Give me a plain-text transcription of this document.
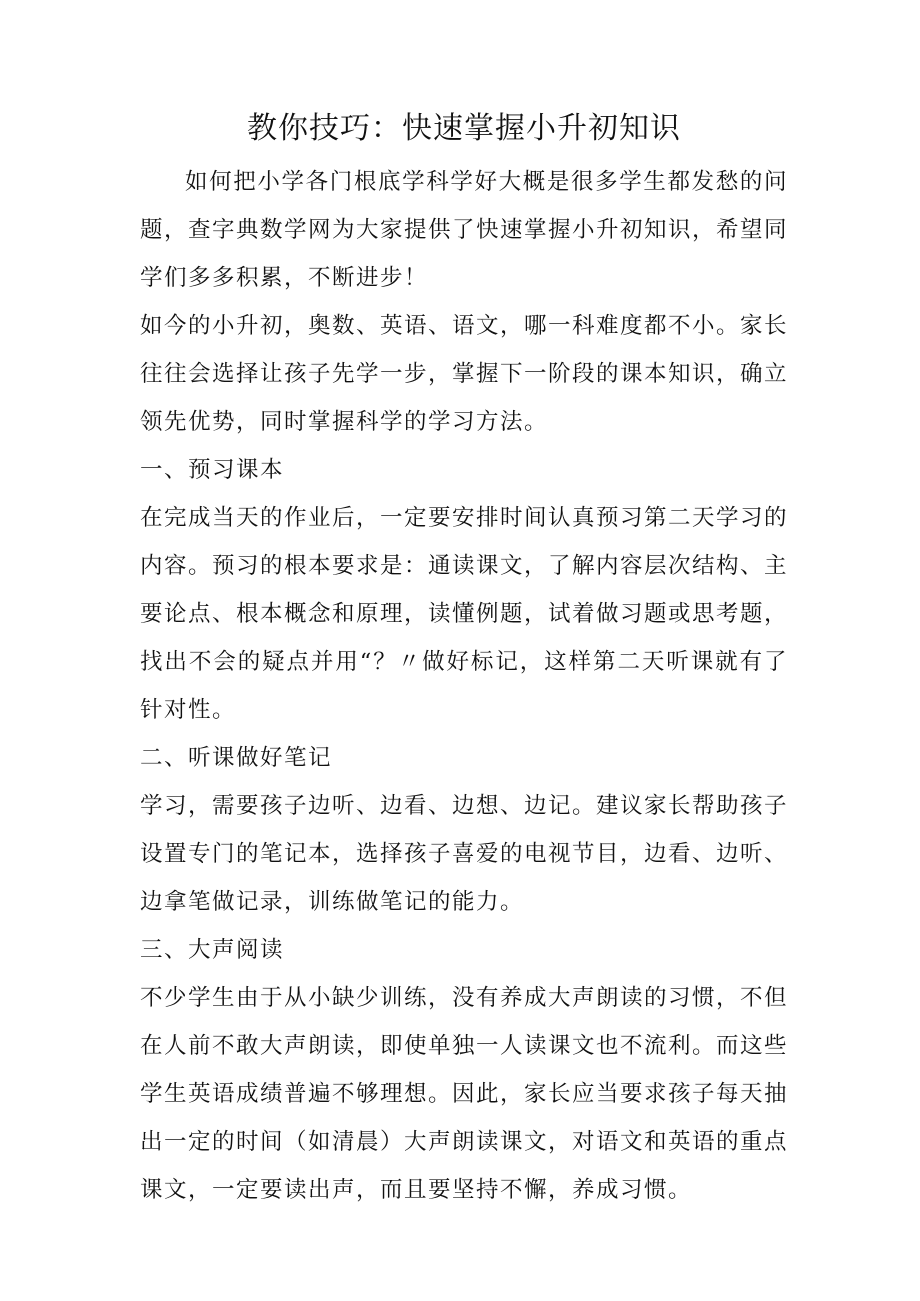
教你技巧：快速掌握小升初知识

如何把小学各门根底学科学好大概是很多学生都发愁的问题，查字典数学网为大家提供了快速掌握小升初知识，希望同学们多多积累，不断进步！

如今的小升初，奥数、英语、语文，哪一科难度都不小。家长往往会选择让孩子先学一步，掌握下一阶段的课本知识，确立领先优势，同时掌握科学的学习方法。

一、预习课本

在完成当天的作业后，一定要安排时间认真预习第二天学习的内容。预习的根本要求是：通读课文，了解内容层次结构、主要论点、根本概念和原理，读懂例题，试着做习题或思考题，找出不会的疑点并用“？〃做好标记，这样第二天听课就有了针对性。

二、听课做好笔记

学习，需要孩子边听、边看、边想、边记。建议家长帮助孩子设置专门的笔记本，选择孩子喜爱的电视节目，边看、边听、边拿笔做记录，训练做笔记的能力。

三、大声阅读

不少学生由于从小缺少训练，没有养成大声朗读的习惯，不但在人前不敢大声朗读，即使单独一人读课文也不流利。而这些学生英语成绩普遍不够理想。因此，家长应当要求孩子每天抽出一定的时间（如清晨）大声朗读课文，对语文和英语的重点课文，一定要读出声，而且要坚持不懈，养成习惯。
